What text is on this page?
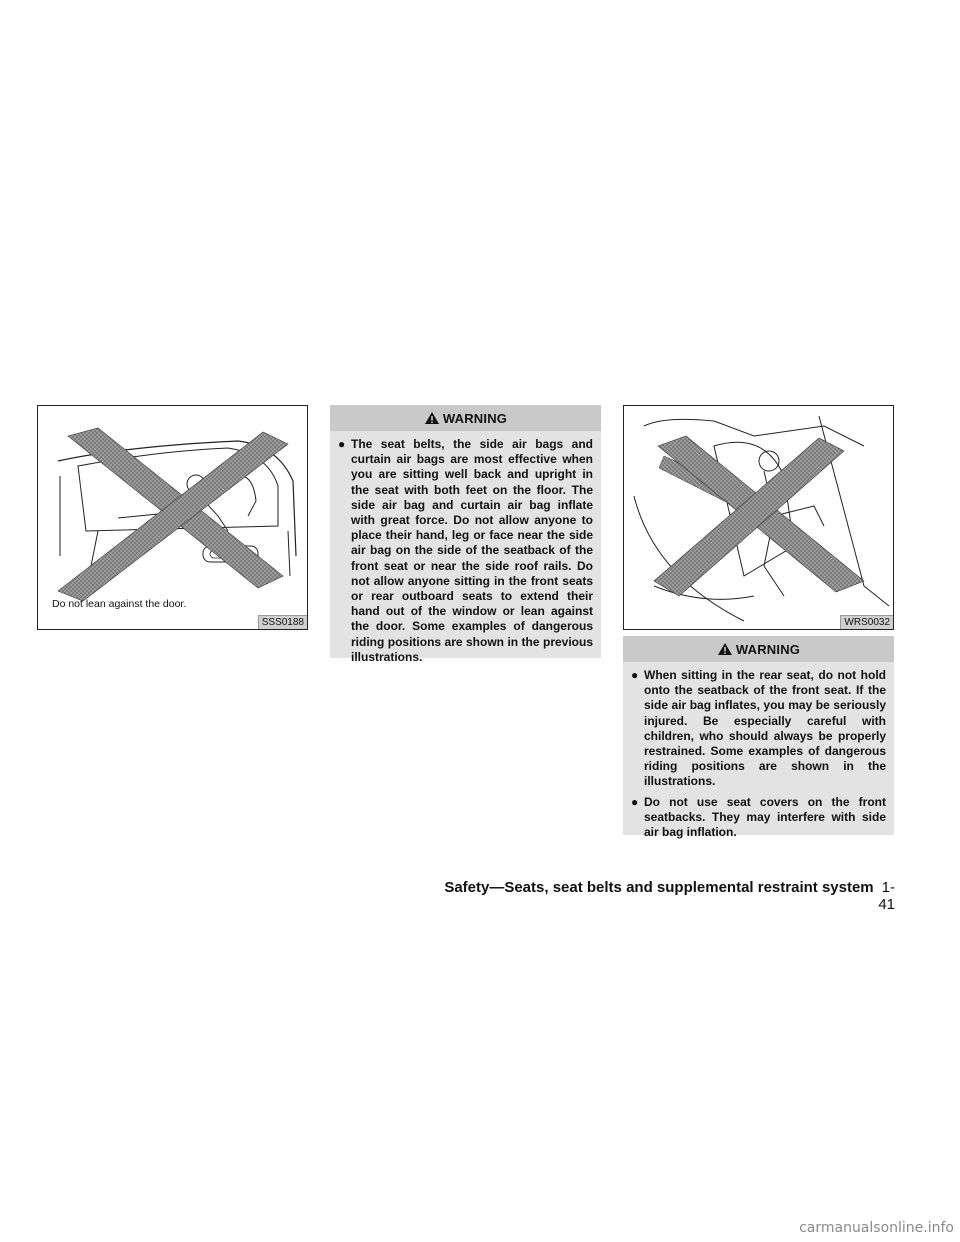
Do not lean against the door.
SSS0188
WARNING
● The seat belts, the side air bags and curtain air bags are most effective when you are sitting well back and upright in the seat with both feet on the floor. The side air bag and curtain air bag inflate with great force. Do not allow anyone to place their hand, leg or face near the side air bag on the side of the seatback of the front seat or near the side roof rails. Do not allow anyone sitting in the front seats or rear outboard seats to extend their hand out of the window or lean against the door. Some examples of dangerous riding positions are shown in the previous illustrations.
WRS0032
WARNING
● When sitting in the rear seat, do not hold onto the seatback of the front seat. If the side air bag inflates, you may be seriously injured. Be especially careful with children, who should always be properly restrained. Some examples of dangerous riding positions are shown in the illustrations.
● Do not use seat covers on the front seatbacks. They may interfere with side air bag inflation.
Safety—Seats, seat belts and supplemental restraint system 1-41
carmanualsonline.info
